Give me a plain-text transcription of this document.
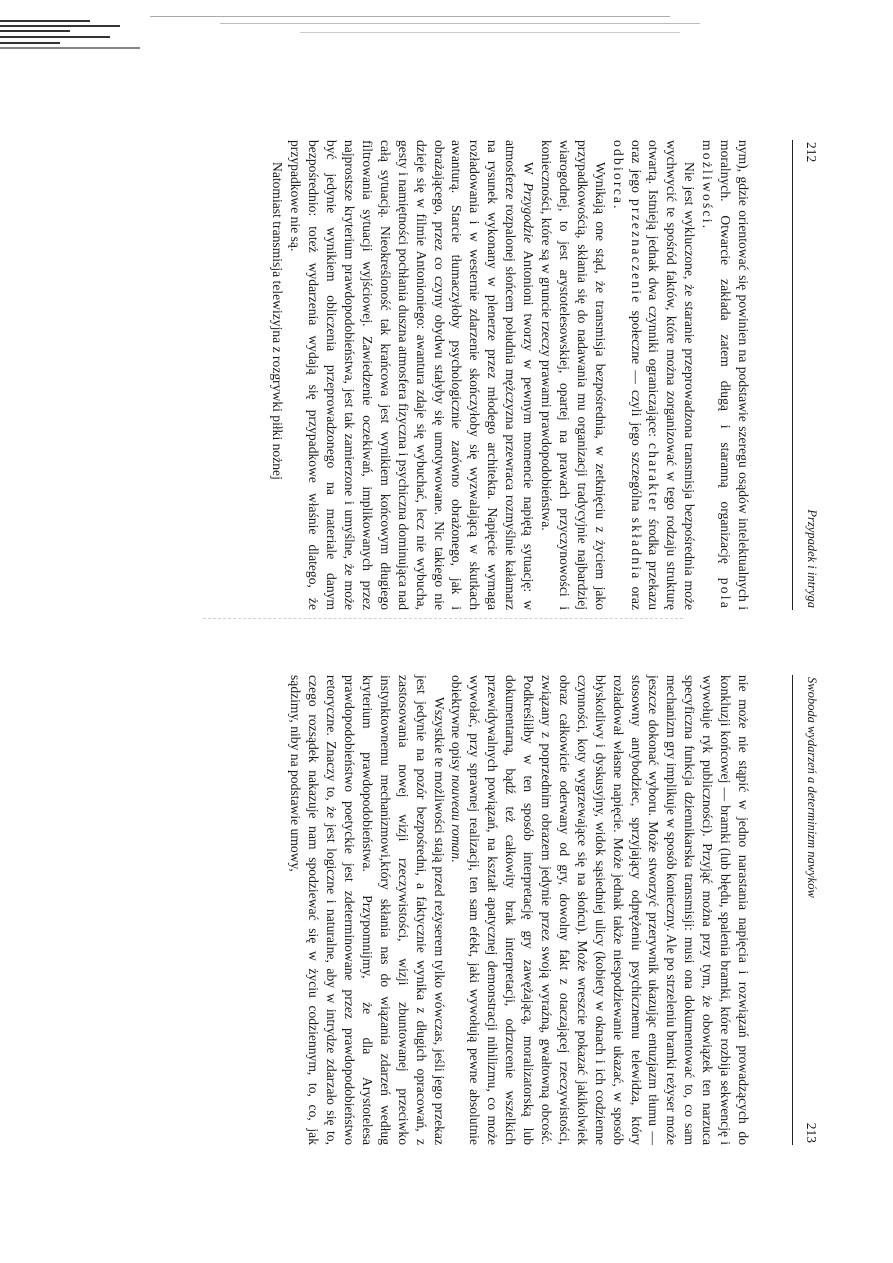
212
Przypadek i intryga

nym), gdzie orientować się powinien na podstawie szeregu osądów intelektualnych i moralnych. Otwarcie zakłada zatem długą i staranną organizację pola możliwości.

Nie jest wykluczone, że staranie przeprowadzona transmisja bezpośrednia może wychwycić te spośród faktów, które można zorganizować w tego rodzaju strukturę otwartą. Istnieją jednak dwa czynniki ograniczające: charakter środka przekazu oraz jego przeznaczenie społeczne — czyli jego szczególna składnia oraz odbiorca.

Wynikają one stąd, że transmisja bezpośrednia, w zetknięciu z życiem jako przypadkowością, skłania się do nadawania mu organizacji tradycyjnie najbardziej wiarogodnej, to jest arystotelesowskiej, opartej na prawach przyczynowości i konieczności, które są w gruncie rzeczy prawami prawdopodobieństwa.

W Przygodzie Antonioni tworzy w pewnym momencie napiętą sytuację: w atmosferze rozpalonej słońcem południa mężczyzna przewraca rozmyślnie kałamarz na rysunek wykonany w plenerze przez młodego architekta. Napięcie wymaga rozładowania i w westernie zdarzenie skończyłoby się wyzwalającą w skutkach awanturą. Starcie tłumaczyłoby psychologicznie zarówno obrażonego, jak i obrażającego, przez co czyny obydwu stałyby się umotywowane. Nic takiego nie dzieje się w filmie Antonioniego: awantura zdaje się wybuchać, lecz nie wybucha, gesty i namiętności pochłania duszna atmosfera fizyczna i psychiczna dominująca nad całą sytuacją. Nieokreśloność tak krańcowa jest wynikiem końcowym długiego filtrowania sytuacji wyjściowej. Zawiedzenie oczekiwań, implikowanych przez najprostsze kryterium prawdopodobieństwa, jest tak zamierzone i umyślne, że może być jedynie wynikiem obliczenia przeprowadzonego na materiale danym bezpośrednio: toteż wydarzenia wydają się przypadkowe właśnie dlatego, że przypadkowe nie są.

Natomiast transmisja telewizyjna z rozgrywki piłki nożnej

Swoboda wydarzeń a determinizm nawyków
213

nie może nie stąpić w jedno narastania napięcia i rozwiązań prowadzących do konkluzji końcowej — bramki (lub błędu, spalenia bramki, które rozbija sekwencję i wywołuje ryk publiczności). Przyjąć można przy tym, że obowiązek ten narzuca specyficzna funkcja dziennikarska transmisji: musi ona dokumentować to, co sam mechanizm gry implikuje w sposób konieczny. Ale po strzeleniu bramki reżyser może jeszcze dokonać wyboru. Może stworzyć przerywnik ukazując entuzjazm tłumu — stosowny antybodziec, sprzyjający odprężeniu psychicznemu telewidza, który rozładował własne napięcie. Może jednak także niespodziewanie ukazać, w sposób błyskotliwy i dyskusyjny, widok sąsiedniej ulicy (kobiety w oknach i ich codzienne czynności, koty wygrzewające się na słońcu). Może wreszcie pokazać jakikolwiek obraz całkowicie oderwany od gry, dowolny fakt z otaczającej rzeczywistości, związany z poprzednim obrazem jedynie przez swoją wyraźną, gwałtowną obcość. Podkreśliłby w ten sposób interpretację gry zawężającą, moralizatorską lub dokumentarną, bądź też całkowity brak interpretacji, odrzucenie wszelkich przewidywalnych powiązań, na kształt apatycznej demonstracji nihilizmu, co może wywołać, przy sprawnej realizacji, ten sam efekt, jaki wywołują pewne absolutnie obiektywne opisy nouveau roman.

Wszystkie te możliwości stają przed reżyserem tylko wówczas, jeśli jego przekaz jest jedynie na pozór bezpośredni, a faktycznie wynika z długich opracowań, z zastosowania nowej wizji rzeczywistości, wizji zbuntowanej przeciwko instynktownemu mechanizmowi,który skłania nas do wiązania zdarzeń według kryterium prawdopodobieństwa. Przypomnijmy, że dla Arystotelesa prawdopodobieństwo poetyckie jest zdeterminowane przez prawdopodobieństwo retoryczne. Znaczy to, że jest logiczne i naturalne, aby w intrydze zdarzało się to, czego rozsądek nakazuje nam spodziewać się w życiu codziennym, to, co, jak sądzimy, niby na podstawie umowy,
